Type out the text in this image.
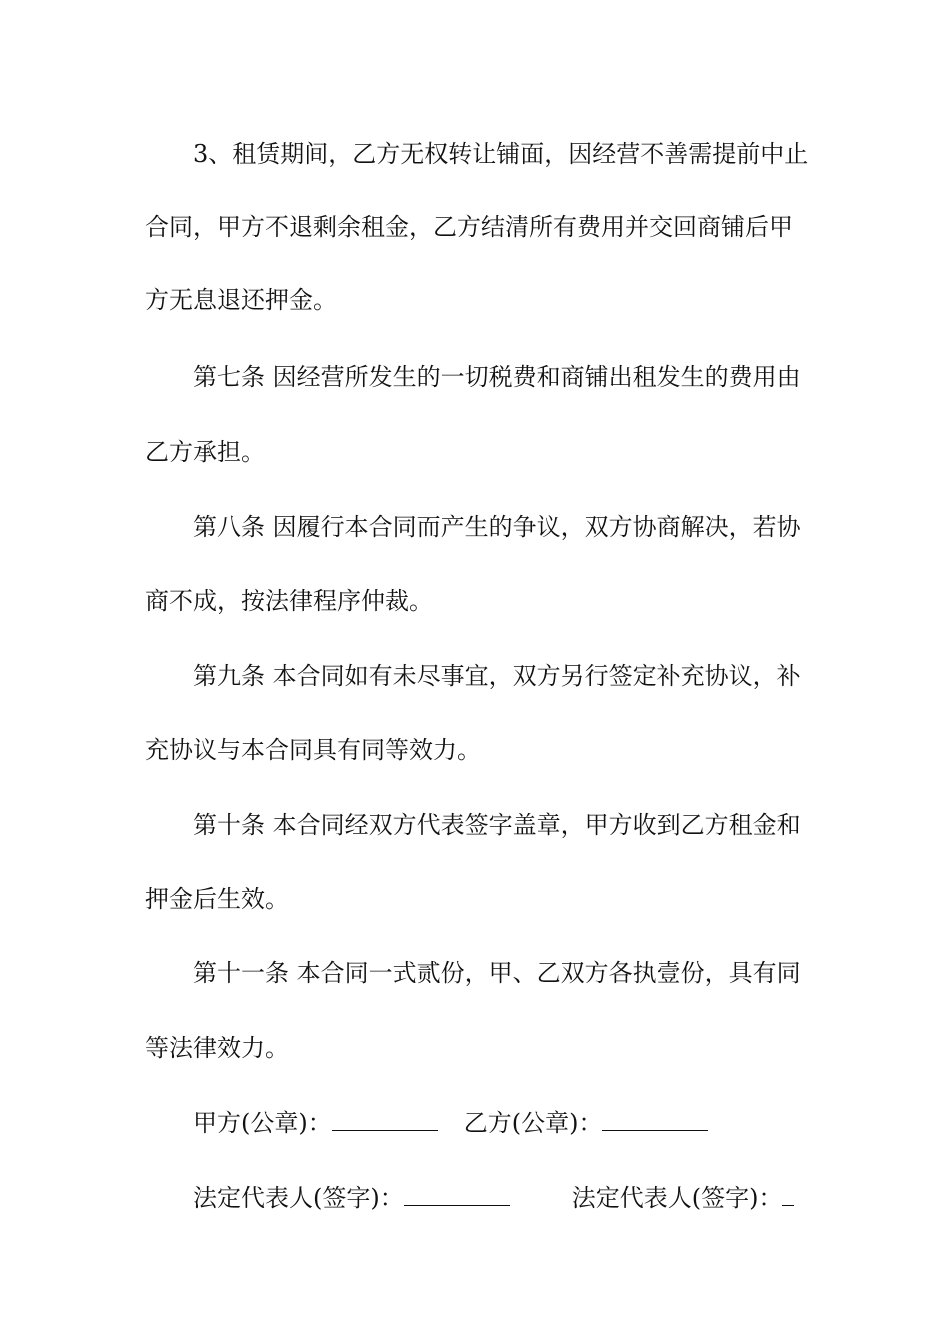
3、租赁期间，乙方无权转让铺面，因经营不善需提前中止
合同，甲方不退剩余租金，乙方结清所有费用并交回商铺后甲
方无息退还押金。
第七条 因经营所发生的一切税费和商铺出租发生的费用由
乙方承担。
第八条 因履行本合同而产生的争议，双方协商解决，若协
商不成，按法律程序仲裁。
第九条 本合同如有未尽事宜，双方另行签定补充协议，补
充协议与本合同具有同等效力。
第十条 本合同经双方代表签字盖章，甲方收到乙方租金和
押金后生效。
第十一条 本合同一式贰份，甲、乙双方各执壹份，具有同
等法律效力。
甲方(公章)：	乙方(公章)：
法定代表人(签字)：	法定代表人(签字)：
